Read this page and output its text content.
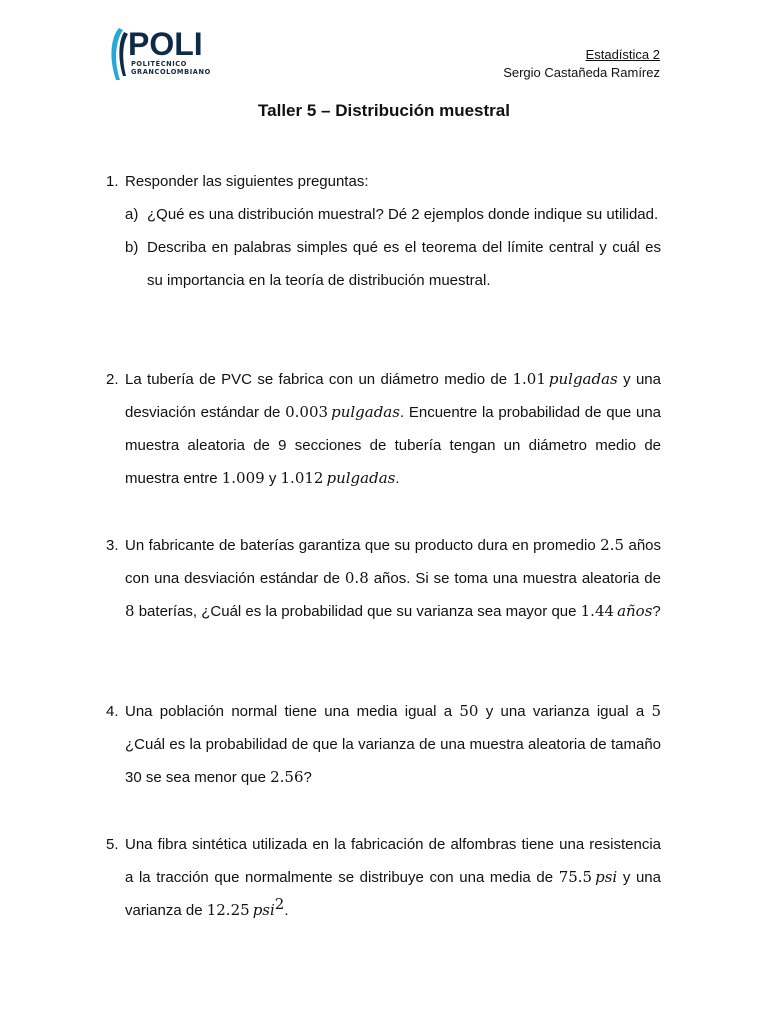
POLI
POLITÉCNICO
GRANCOLOMBIANO
Estadística 2
Sergio Castañeda Ramírez
Taller 5 – Distribución muestral
1. Responder las siguientes preguntas:
a) ¿Qué es una distribución muestral? Dé 2 ejemplos donde indique su utilidad.
b) Describa en palabras simples qué es el teorema del límite central y cuál es su importancia en la teoría de distribución muestral.
2. La tubería de PVC se fabrica con un diámetro medio de 1.01  pulgadas y una desviación estándar de 0.003  pulgadas. Encuentre la probabilidad de que una muestra aleatoria de 9 secciones de tubería tengan un diámetro medio de muestra entre 1.009 y 1.012  pulgadas.
3. Un fabricante de baterías garantiza que su producto dura en promedio 2.5 años con una desviación estándar de 0.8 años. Si se toma una muestra aleatoria de 8 baterías, ¿Cuál es la probabilidad que su varianza sea mayor que 1.44  años?
4. Una población normal tiene una media igual a 50 y una varianza igual a 5 ¿Cuál es la probabilidad de que la varianza de una muestra aleatoria de tamaño 30 se sea menor que 2.56?
5. Una fibra sintética utilizada en la fabricación de alfombras tiene una resistencia a la tracción que normalmente se distribuye con una media de 75.5  psi y una varianza de 12.25  psi$^2$.
